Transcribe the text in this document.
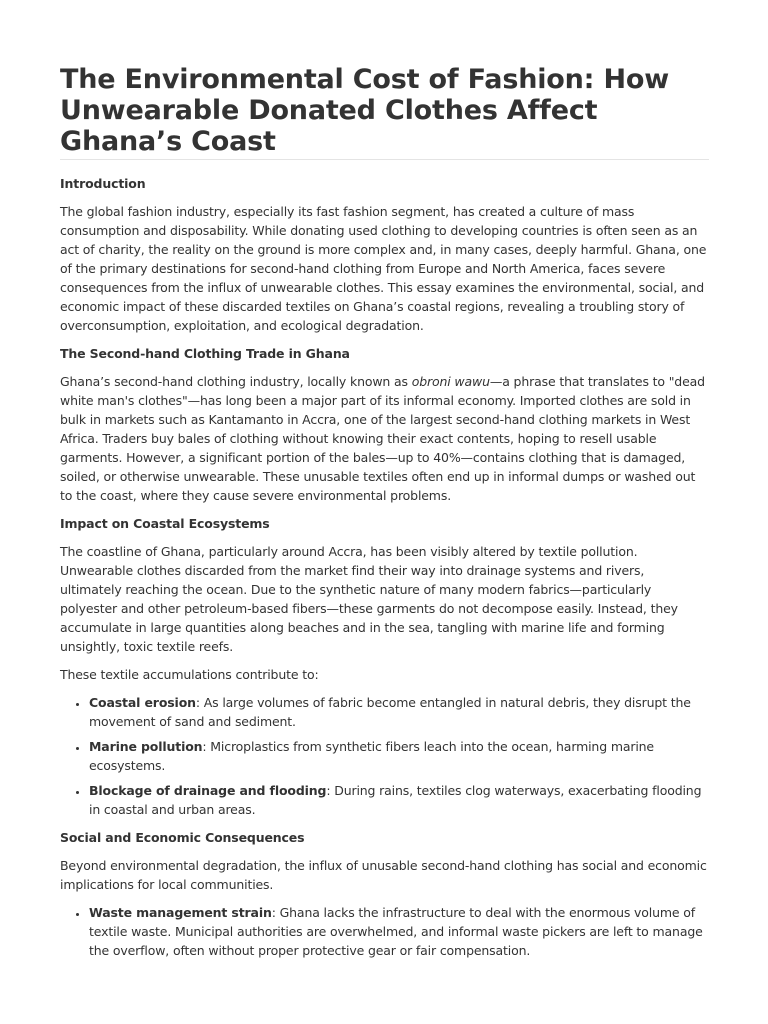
The Environmental Cost of Fashion: How Unwearable Donated Clothes Affect Ghana’s Coast
Introduction

The global fashion industry, especially its fast fashion segment, has created a culture of mass consumption and disposability. While donating used clothing to developing countries is often seen as an act of charity, the reality on the ground is more complex and, in many cases, deeply harmful. Ghana, one of the primary destinations for second-hand clothing from Europe and North America, faces severe consequences from the influx of unwearable clothes. This essay examines the environmental, social, and economic impact of these discarded textiles on Ghana’s coastal regions, revealing a troubling story of overconsumption, exploitation, and ecological degradation.

The Second-hand Clothing Trade in Ghana

Ghana’s second-hand clothing industry, locally known as obroni wawu—a phrase that translates to "dead white man's clothes"—has long been a major part of its informal economy. Imported clothes are sold in bulk in markets such as Kantamanto in Accra, one of the largest second-hand clothing markets in West Africa. Traders buy bales of clothing without knowing their exact contents, hoping to resell usable garments. However, a significant portion of the bales—up to 40%—contains clothing that is damaged, soiled, or otherwise unwearable. These unusable textiles often end up in informal dumps or washed out to the coast, where they cause severe environmental problems.

Impact on Coastal Ecosystems

The coastline of Ghana, particularly around Accra, has been visibly altered by textile pollution. Unwearable clothes discarded from the market find their way into drainage systems and rivers, ultimately reaching the ocean. Due to the synthetic nature of many modern fabrics—particularly polyester and other petroleum-based fibers—these garments do not decompose easily. Instead, they accumulate in large quantities along beaches and in the sea, tangling with marine life and forming unsightly, toxic textile reefs.

These textile accumulations contribute to:

• Coastal erosion: As large volumes of fabric become entangled in natural debris, they disrupt the movement of sand and sediment.
• Marine pollution: Microplastics from synthetic fibers leach into the ocean, harming marine ecosystems.
• Blockage of drainage and flooding: During rains, textiles clog waterways, exacerbating flooding in coastal and urban areas.
Social and Economic Consequences

Beyond environmental degradation, the influx of unusable second-hand clothing has social and economic implications for local communities.

• Waste management strain: Ghana lacks the infrastructure to deal with the enormous volume of textile waste. Municipal authorities are overwhelmed, and informal waste pickers are left to manage the overflow, often without proper protective gear or fair compensation.
